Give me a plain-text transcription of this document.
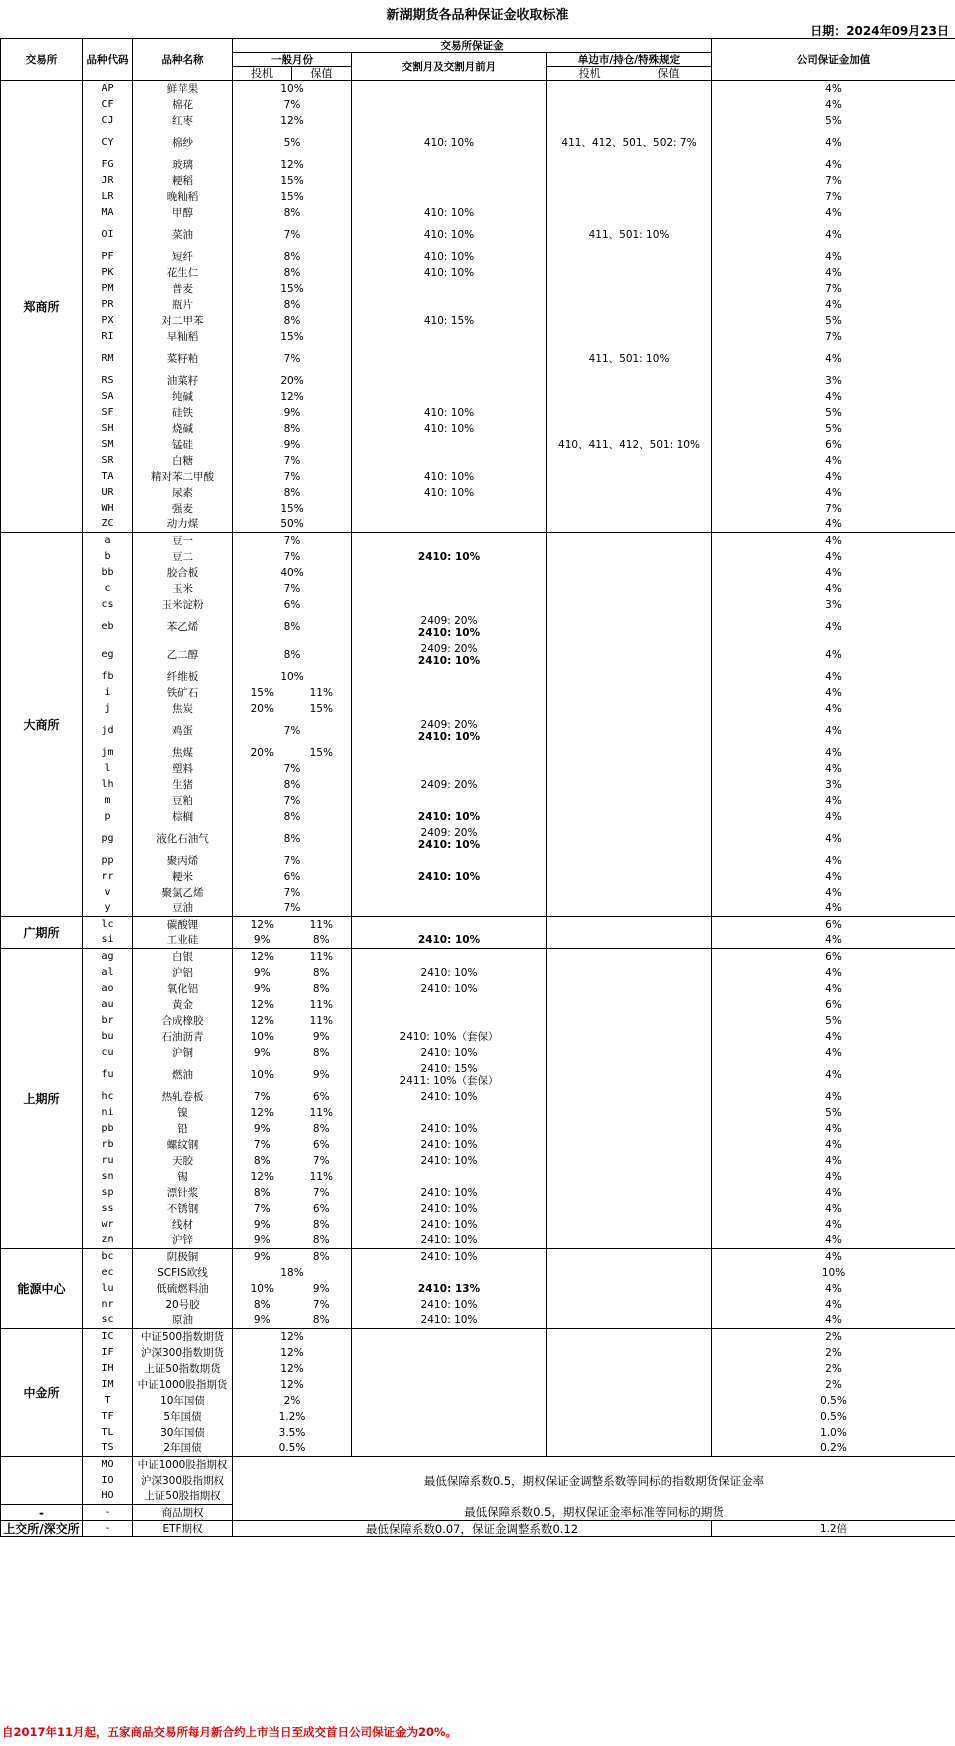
新湖期货各品种保证金收取标准
日期：2024年09月23日
交易所	品种代码	品种名称	交易所保证金				公司保证金加值
			一般月份		交割月及交割月前月	单边市/持仓/特殊规定	
			投机	保值		投机 保值	
郑商所	AP	鲜苹果	10%				4%
	CF	棉花	7%				4%
	CJ	红枣	12%				5%
	CY	棉纱	5%		410: 10%	411、412、501、502: 7%	4%
	FG	玻璃	12%				4%
	JR	粳稻	15%				7%
	LR	晚籼稻	15%				7%
	MA	甲醇	8%		410: 10%		4%
	OI	菜油	7%		410: 10%	411、501: 10%	4%
	PF	短纤	8%		410: 10%		4%
	PK	花生仁	8%		410: 10%		4%
	PM	普麦	15%				7%
	PR	瓶片	8%				4%
	PX	对二甲苯	8%		410: 15%		5%
	RI	早籼稻	15%				7%
	RM	菜籽粕	7%			411、501: 10%	4%
	RS	油菜籽	20%				3%
	SA	纯碱	12%				4%
	SF	硅铁	9%		410: 10%		5%
	SH	烧碱	8%		410: 10%		5%
	SM	锰硅	9%			410、411、412、501: 10%	6%
	SR	白糖	7%				4%
	TA	精对苯二甲酸	7%		410: 10%		4%
	UR	尿素	8%		410: 10%		4%
	WH	强麦	15%				7%
	ZC	动力煤	50%				4%
大商所	a	豆一	7%				4%
	b	豆二	7%		2410: 10%		4%
	bb	胶合板	40%				4%
	c	玉米	7%				4%
	cs	玉米淀粉	6%				3%
	eb	苯乙烯	8%		2409: 20%
2410: 10%		4%
	eg	乙二醇	8%		2409: 20%
2410: 10%		4%
	fb	纤维板	10%				4%
	i	铁矿石	15%	11%			4%
	j	焦炭	20%	15%			4%
	jd	鸡蛋	7%		2409: 20%
2410: 10%		4%
	jm	焦煤	20%	15%			4%
	l	塑料	7%				4%
	lh	生猪	8%		2409: 20%		3%
	m	豆粕	7%				4%
	p	棕榈	8%		2410: 10%		4%
	pg	液化石油气	8%		2409: 20%
2410: 10%		4%
	pp	聚丙烯	7%				4%
	rr	粳米	6%		2410: 10%		4%
	v	聚氯乙烯	7%				4%
	y	豆油	7%				4%
广期所	lc	碳酸锂	12%	11%			6%
	si	工业硅	9%	8%	2410: 10%		4%
上期所	ag	白银	12%	11%			6%
	al	沪铝	9%	8%	2410: 10%		4%
	ao	氧化铝	9%	8%	2410: 10%		4%
	au	黄金	12%	11%			6%
	br	合成橡胶	12%	11%			5%
	bu	石油沥青	10%	9%	2410: 10%（套保）		4%
	cu	沪铜	9%	8%	2410: 10%		4%
	fu	燃油	10%	9%	2410: 15%
2411: 10%（套保）		4%
	hc	热轧卷板	7%	6%	2410: 10%		4%
	ni	镍	12%	11%			5%
	pb	铅	9%	8%	2410: 10%		4%
	rb	螺纹钢	7%	6%	2410: 10%		4%
	ru	天胶	8%	7%	2410: 10%		4%
	sn	锡	12%	11%			4%
	sp	漂针浆	8%	7%	2410: 10%		4%
	ss	不锈钢	7%	6%	2410: 10%		4%
	wr	线材	9%	8%	2410: 10%		4%
	zn	沪锌	9%	8%	2410: 10%		4%
能源中心	bc	阴极铜	9%	8%	2410: 10%		4%
	ec	SCFIS欧线	18%				10%
	lu	低硫燃料油	10%	9%	2410: 13%		4%
	nr	20号胶	8%	7%	2410: 10%		4%
	sc	原油	9%	8%	2410: 10%		4%
中金所	IC	中证500指数期货	12%				2%
	IF	沪深300指数期货	12%				2%
	IH	上证50指数期货	12%				2%
	IM	中证1000股指期货	12%				2%
	T	10年国债	2%				0.5%
	TF	5年国债	1.2%				0.5%
	TL	30年国债	3.5%				1.0%
	TS	2年国债	0.5%				0.2%
	MO	中证1000股指期权	最低保障系数0.5，期权保证金调整系数等同标的指数期货保证金率				
	IO	沪深300股指期权					
	HO	上证50股指期权					
-	-	商品期权	最低保障系数0.5，期权保证金率标准等同标的期货				
上交所/深交所	-	ETF期权	最低保障系数0.07，保证金调整系数0.12				1.2倍
自2017年11月起，五家商品交易所每月新合约上市当日至成交首日公司保证金为20%。
